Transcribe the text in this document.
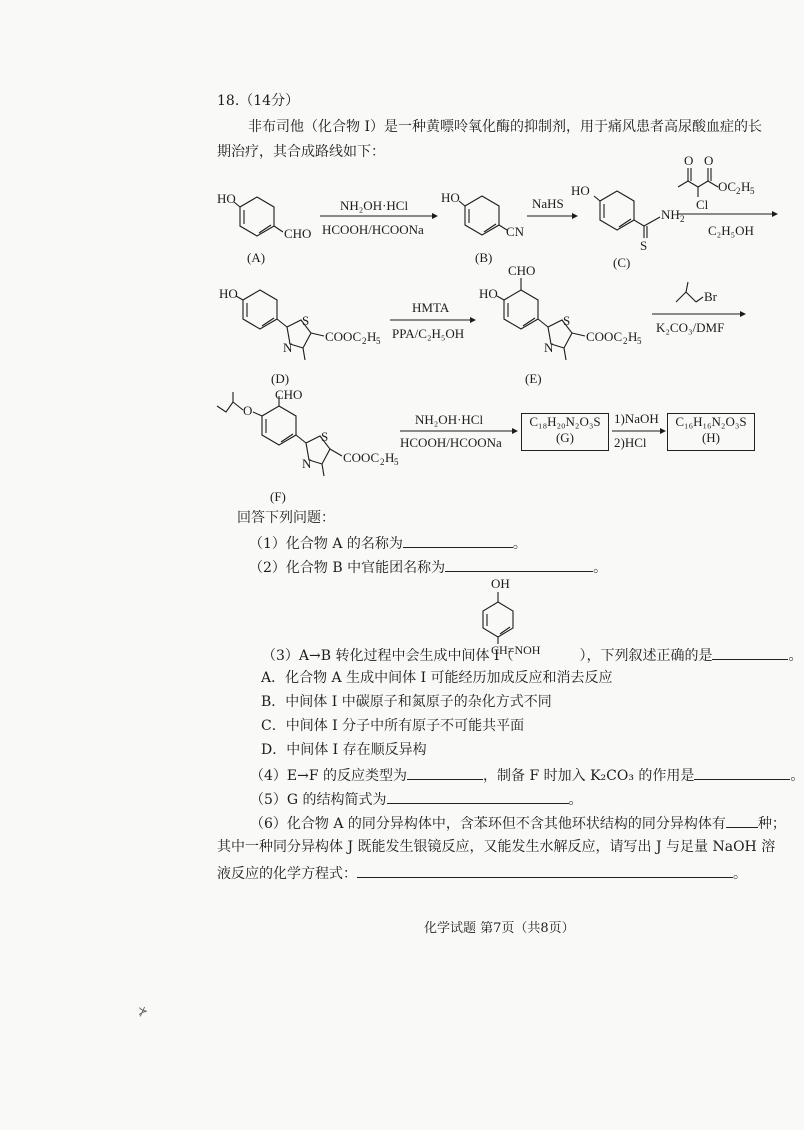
18.（14分）
非布司他（化合物 I）是一种黄嘌呤氧化酶的抑制剂，用于痛风患者高尿酸血症的长
期治疗，其合成路线如下：
HO
CHO
NH₂OH·HCl
HCOOH/HCOONa
HO
CN
NaHS
HO
S
NH 2
O
Cl
O
OC 2 H 5
C₂H₅OH
(A)	(B)	(C)
HO
S
N
COOC 2 H 5
HMTA
PPA/C₂H₅OH
HO
CHO
S
N
COOC 2 H 5
Br
K₂CO₃/DMF
(D)	(E)
O
CHO
S
N COOC 2 H 5
NH₂OH·HCl
HCOOH/HCOONa
1)NaOH
2)HCl
C₁₈H₂₀N₂O₃S
(G)
C₁₆H₁₆N₂O₃S
(H)
(F)
回答下列问题：
（1）化合物 A 的名称为	。
（2）化合物 B 中官能团名称为	。
OH
CH=NOH
（3）A→B 转化过程中会生成中间体 I（	），下列叙述正确的是	。
A．化合物 A 生成中间体 I 可能经历加成反应和消去反应
B．中间体 I 中碳原子和氮原子的杂化方式不同
C．中间体 I 分子中所有原子不可能共平面
D．中间体 I 存在顺反异构
（4）E→F 的反应类型为	，制备 F 时加入 K₂CO₃ 的作用是	。
（5）G 的结构简式为	。
（6）化合物 A 的同分异构体中，含苯环但不含其他环状结构的同分异构体有 种；
其中一种同分异构体 J 既能发生银镜反应，又能发生水解反应，请写出 J 与足量 NaOH 溶
液反应的化学方程式：	。
化学试题 第7页（共8页）
⊁
